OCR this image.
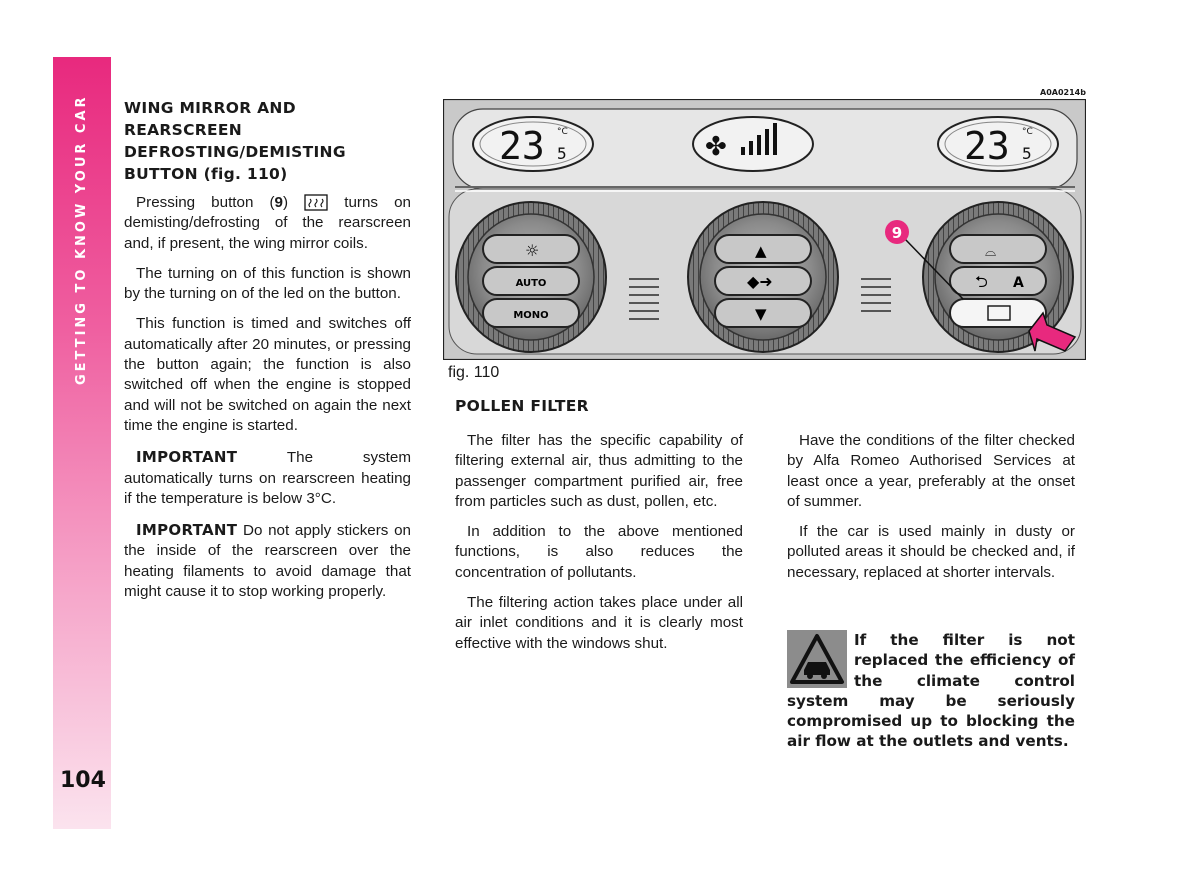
GETTING TO KNOW YOUR CAR
104

WING MIRROR AND REARSCREEN DEFROSTING/DEMISTING BUTTON (fig. 110)

Pressing button (9)	turns on demisting/defrosting of the rearscreen and, if present, the wing mirror coils.

The turning on of this function is shown by the turning on of the led on the button.

This function is timed and switches off automatically after 20 minutes, or pressing the button again; the function is also switched off when the engine is stopped and will not be switched on again the next time the engine is started.

IMPORTANT	The system automatically turns on rearscreen heating if the temperature is below 3°C.

IMPORTANT Do not apply stickers on the inside of the rearscreen over the heating filaments to avoid damage that might cause it to stop working properly.

A0A0214b
23 5
°C	✤	23 5
°C
☼
AUTO
MONO
▲
◆➜
▼
⌓
⮌ A
9
fig. 110
POLLEN FILTER

The filter has the specific capability of filtering external air, thus admitting to the passenger compartment purified air, free from particles such as dust, pollen, etc.

In addition to the above mentioned functions, is also reduces the concentration of pollutants.

The filtering action takes place under all air inlet conditions and it is clearly most effective with the windows shut.

Have the conditions of the filter checked by Alfa Romeo Authorised Services at least once a year, preferably at the onset of summer.

If the car is used mainly in dusty or polluted areas it should be checked and, if necessary, replaced at shorter intervals.

If the filter is not replaced the efficiency of the climate control system may be seriously compromised up to blocking the air flow at the outlets and vents.
